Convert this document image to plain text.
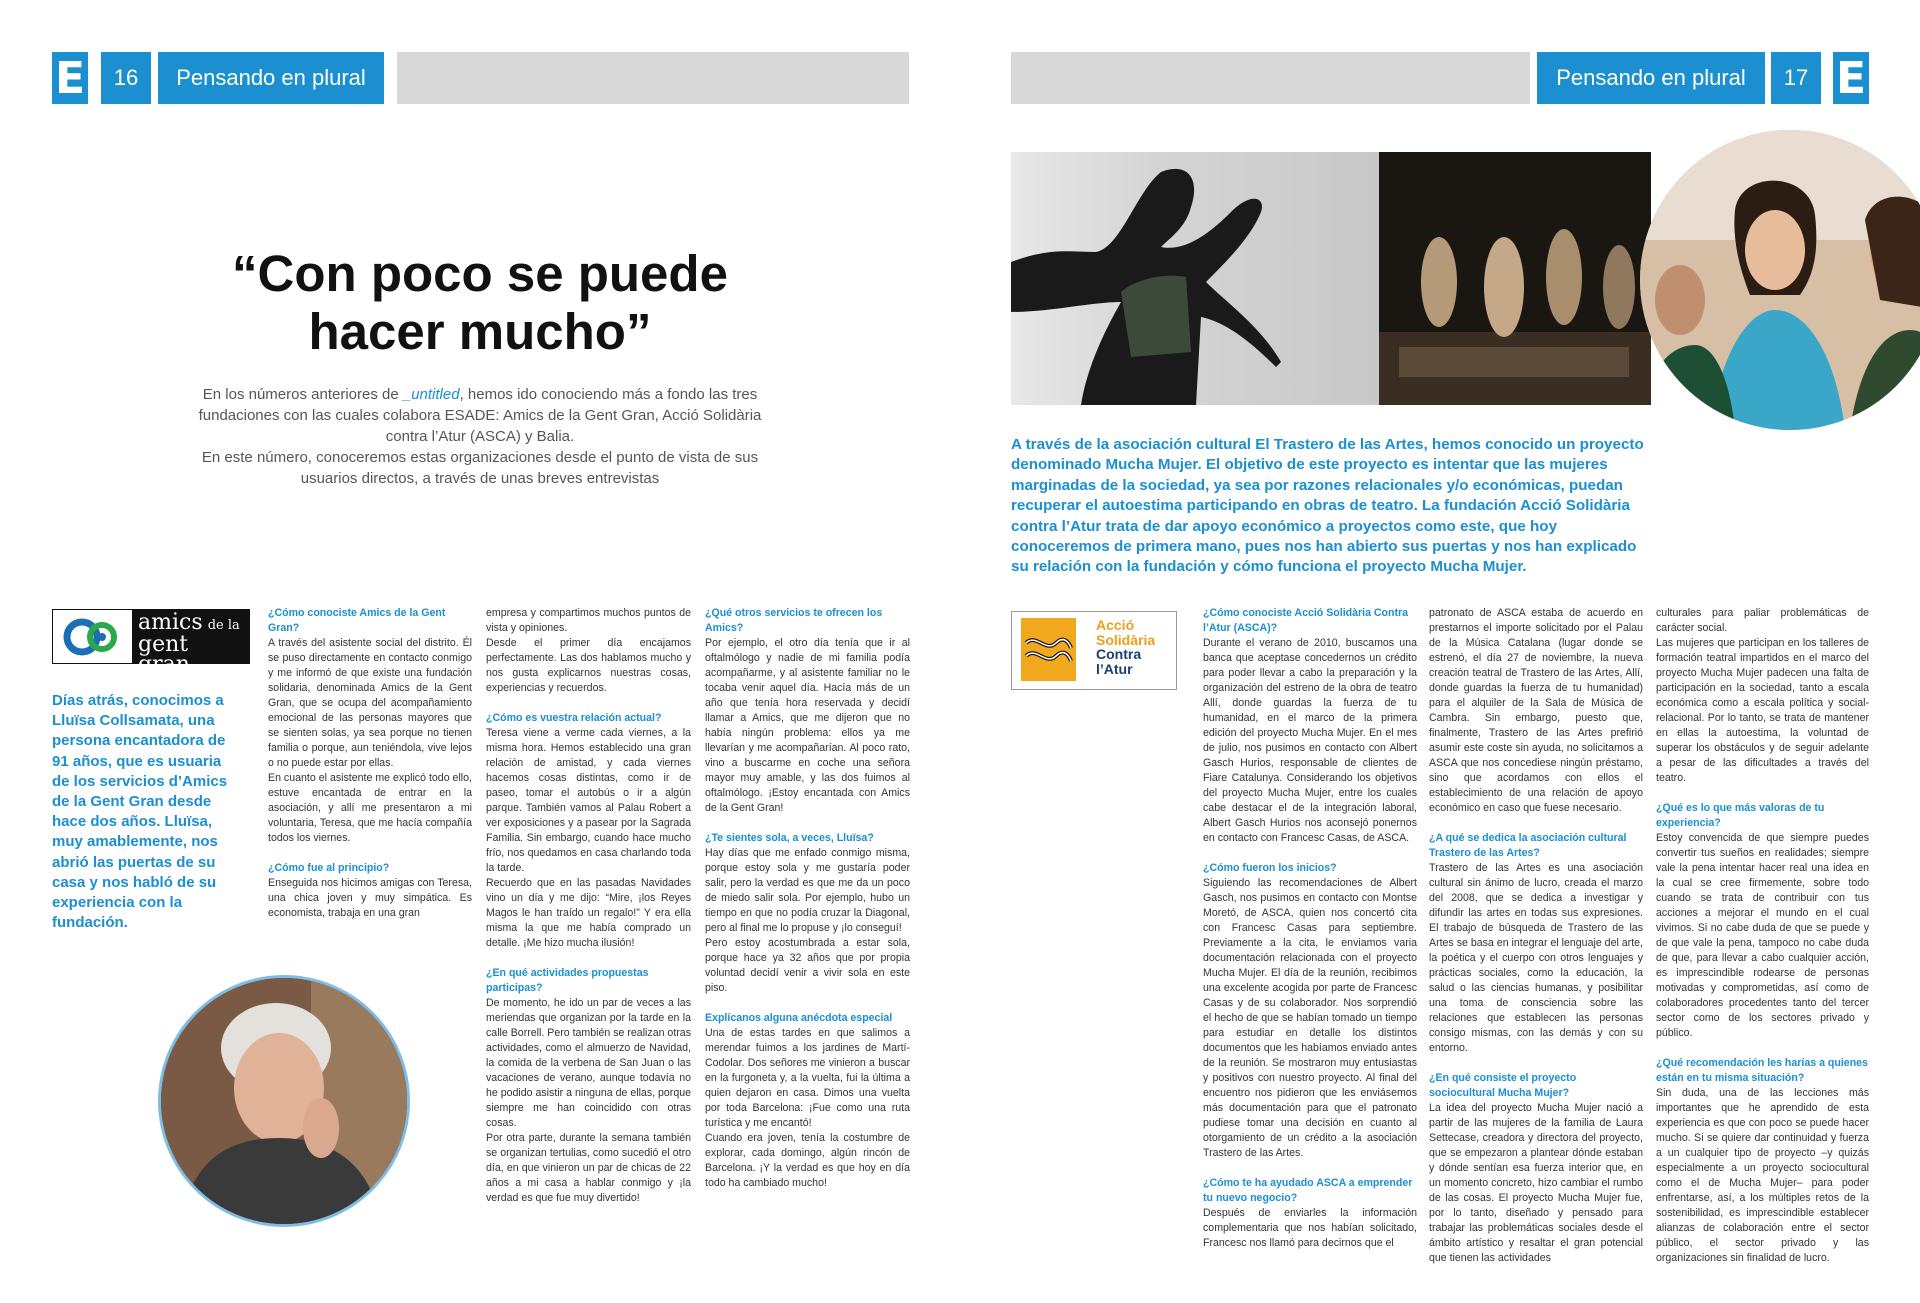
E	16	Pensando en plural	Pensando en plural	17 E
“Con poco se puede hacer mucho”
En los números anteriores de _untitled, hemos ido conociendo más a fondo las tres fundaciones con las cuales colabora ESADE: Amics de la Gent Gran, Acció Solidària contra l’Atur (ASCA) y Balia.
En este número, conoceremos estas organizaciones desde el punto de vista de sus usuarios directos, a través de unas breves entrevistas
A través de la asociación cultural El Trastero de las Artes, hemos conocido un proyecto denominado Mucha Mujer. El objetivo de este proyecto es intentar que las mujeres marginadas de la sociedad, ya sea por razones relacionales y/o económicas, puedan recuperar el autoestima participando en obras de teatro. La fundación Acció Solidària contra l’Atur trata de dar apoyo económico a proyectos como este, que hoy conoceremos de primera mano, pues nos han abierto sus puertas y nos han explicado su relación con la fundación y cómo funciona el proyecto Mucha Mujer.
amics de la
gent gran
Acció
Solidària
Contra
l’Atur
Días atrás, conocimos a Lluïsa Collsamata, una persona encantadora de 91 años, que es usuaria de los servicios d’Amics de la Gent Gran desde hace dos años. Lluïsa, muy amablemente, nos abrió las puertas de su casa y nos habló de su experiencia con la fundación.

¿Cómo conociste Amics de la Gent Gran?

A través del asistente social del distrito. Él se puso directamente en contacto conmigo y me informó de que existe una fundación solidaria, denominada Amics de la Gent Gran, que se ocupa del acompañamiento emocional de las personas mayores que se sienten solas, ya sea porque no tienen familia o porque, aun teniéndola, vive lejos o no puede estar por ellas.

En cuanto el asistente me explicó todo ello, estuve encantada de entrar en la asociación, y allí me presentaron a mi voluntaria, Teresa, que me hacía compañía todos los viernes.

¿Cómo fue al principio?

Enseguida nos hicimos amigas con Teresa, una chica joven y muy simpática. Es economista, trabaja en una gran

empresa y compartimos muchos puntos de vista y opiniones.

Desde el primer día encajamos perfectamente. Las dos hablamos mucho y nos gusta explicarnos nuestras cosas, experiencias y recuerdos.

¿Cómo es vuestra relación actual?

Teresa viene a verme cada viernes, a la misma hora. Hemos establecido una gran relación de amistad, y cada viernes hacemos cosas distintas, como ir de paseo, tomar el autobús o ir a algún parque. También vamos al Palau Robert a ver exposiciones y a pasear por la Sagrada Familia. Sin embargo, cuando hace mucho frío, nos quedamos en casa charlando toda la tarde.

Recuerdo que en las pasadas Navidades vino un día y me dijo: “Mire, ¡los Reyes Magos le han traído un regalo!” Y era ella misma la que me había comprado un detalle. ¡Me hizo mucha ilusión!

¿En qué actividades propuestas participas?

De momento, he ido un par de veces a las meriendas que organizan por la tarde en la calle Borrell. Pero también se realizan otras actividades, como el almuerzo de Navidad, la comida de la verbena de San Juan o las vacaciones de verano, aunque todavía no he podido asistir a ninguna de ellas, porque siempre me han coincidido con otras cosas.

Por otra parte, durante la semana también se organizan tertulias, como sucedió el otro día, en que vinieron un par de chicas de 22 años a mi casa a hablar conmigo y ¡la verdad es que fue muy divertido!

¿Qué otros servicios te ofrecen los Amics?

Por ejemplo, el otro día tenía que ir al oftalmólogo y nadie de mi familia podía acompañarme, y al asistente familiar no le tocaba venir aquel día. Hacía más de un año que tenía hora reservada y decidí llamar a Amics, que me dijeron que no había ningún problema: ellos ya me llevarían y me acompañarían. Al poco rato, vino a buscarme en coche una señora mayor muy amable, y las dos fuimos al oftalmólogo. ¡Estoy encantada con Amics de la Gent Gran!

¿Te sientes sola, a veces, Lluïsa?

Hay días que me enfado conmigo misma, porque estoy sola y me gustaría poder salir, pero la verdad es que me da un poco de miedo salir sola. Por ejemplo, hubo un tiempo en que no podía cruzar la Diagonal, pero al final me lo propuse y ¡lo conseguí!

Pero estoy acostumbrada a estar sola, porque hace ya 32 años que por propia voluntad decidí venir a vivir sola en este piso.

Explícanos alguna anécdota especial

Una de estas tardes en que salimos a merendar fuimos a los jardines de Martí-Codolar. Dos señores me vinieron a buscar en la furgoneta y, a la vuelta, fui la última a quien dejaron en casa. Dimos una vuelta por toda Barcelona: ¡Fue como una ruta turística y me encantó!

Cuando era joven, tenía la costumbre de explorar, cada domingo, algún rincón de Barcelona. ¡Y la verdad es que hoy en día todo ha cambiado mucho!

¿Cómo conociste Acció Solidària Contra l’Atur (ASCA)?

Durante el verano de 2010, buscamos una banca que aceptase concedernos un crédito para poder llevar a cabo la preparación y la organización del estreno de la obra de teatro Allí, donde guardas la fuerza de tu humanidad, en el marco de la primera edición del proyecto Mucha Mujer. En el mes de julio, nos pusimos en contacto con Albert Gasch Hurios, responsable de clientes de Fiare Catalunya. Considerando los objetivos del proyecto Mucha Mujer, entre los cuales cabe destacar el de la integración laboral, Albert Gasch Hurios nos aconsejó ponernos en contacto con Francesc Casas, de ASCA.

¿Cómo fueron los inicios?

Siguiendo las recomendaciones de Albert Gasch, nos pusimos en contacto con Montse Moretó, de ASCA, quien nos concertó cita con Francesc Casas para septiembre. Previamente a la cita, le enviamos varia documentación relacionada con el proyecto Mucha Mujer. El día de la reunión, recibimos una excelente acogida por parte de Francesc Casas y de su colaborador. Nos sorprendió el hecho de que se habían tomado un tiempo para estudiar en detalle los distintos documentos que les habíamos enviado antes de la reunión. Se mostraron muy entusiastas y positivos con nuestro proyecto. Al final del encuentro nos pidieron que les enviásemos más documentación para que el patronato pudiese tomar una decisión en cuanto al otorgamiento de un crédito a la asociación Trastero de las Artes.

¿Cómo te ha ayudado ASCA a emprender tu nuevo negocio?

Después de enviarles la información complementaria que nos habían solicitado, Francesc nos llamó para decirnos que el

patronato de ASCA estaba de acuerdo en prestarnos el importe solicitado por el Palau de la Música Catalana (lugar donde se estrenó, el día 27 de noviembre, la nueva creación teatral de Trastero de las Artes, Allí, donde guardas la fuerza de tu humanidad) para el alquiler de la Sala de Música de Cambra. Sin embargo, puesto que, finalmente, Trastero de las Artes prefirió asumir este coste sin ayuda, no solicitamos a ASCA que nos concediese ningún préstamo, sino que acordamos con ellos el establecimiento de una relación de apoyo económico en caso que fuese necesario.

¿A qué se dedica la asociación cultural Trastero de las Artes?

Trastero de las Artes es una asociación cultural sin ánimo de lucro, creada el marzo del 2008, que se dedica a investigar y difundir las artes en todas sus expresiones. El trabajo de búsqueda de Trastero de las Artes se basa en integrar el lenguaje del arte, la poética y el cuerpo con otros lenguajes y prácticas sociales, como la educación, la salud o las ciencias humanas, y posibilitar una toma de consciencia sobre las relaciones que establecen las personas consigo mismas, con las demás y con su entorno.

¿En qué consiste el proyecto sociocultural Mucha Mujer?

La idea del proyecto Mucha Mujer nació a partir de las mujeres de la familia de Laura Settecase, creadora y directora del proyecto, que se empezaron a plantear dónde estaban y dónde sentían esa fuerza interior que, en un momento concreto, hizo cambiar el rumbo de las cosas. El proyecto Mucha Mujer fue, por lo tanto, diseñado y pensado para trabajar las problemáticas sociales desde el ámbito artístico y resaltar el gran potencial que tienen las actividades

culturales para paliar problemáticas de carácter social.

Las mujeres que participan en los talleres de formación teatral impartidos en el marco del proyecto Mucha Mujer padecen una falta de participación en la sociedad, tanto a escala económica como a escala política y social-relacional. Por lo tanto, se trata de mantener en ellas la autoestima, la voluntad de superar los obstáculos y de seguir adelante a pesar de las dificultades a través del teatro.

¿Qué es lo que más valoras de tu experiencia?

Estoy convencida de que siempre puedes convertir tus sueños en realidades; siempre vale la pena intentar hacer real una idea en la cual se cree firmemente, sobre todo cuando se trata de contribuir con tus acciones a mejorar el mundo en el cual vivimos. Si no cabe duda de que se puede y de que vale la pena, tampoco no cabe duda de que, para llevar a cabo cualquier acción, es imprescindible rodearse de personas motivadas y comprometidas, así como de colaboradores procedentes tanto del tercer sector como de los sectores privado y público.

¿Qué recomendación les harías a quienes están en tu misma situación?

Sin duda, una de las lecciones más importantes que he aprendido de esta experiencia es que con poco se puede hacer mucho. Si se quiere dar continuidad y fuerza a un cualquier tipo de proyecto –y quizás especialmente a un proyecto sociocultural como el de Mucha Mujer– para poder enfrentarse, así, a los múltiples retos de la sostenibilidad, es imprescindible establecer alianzas de colaboración entre el sector público, el sector privado y las organizaciones sin finalidad de lucro.
